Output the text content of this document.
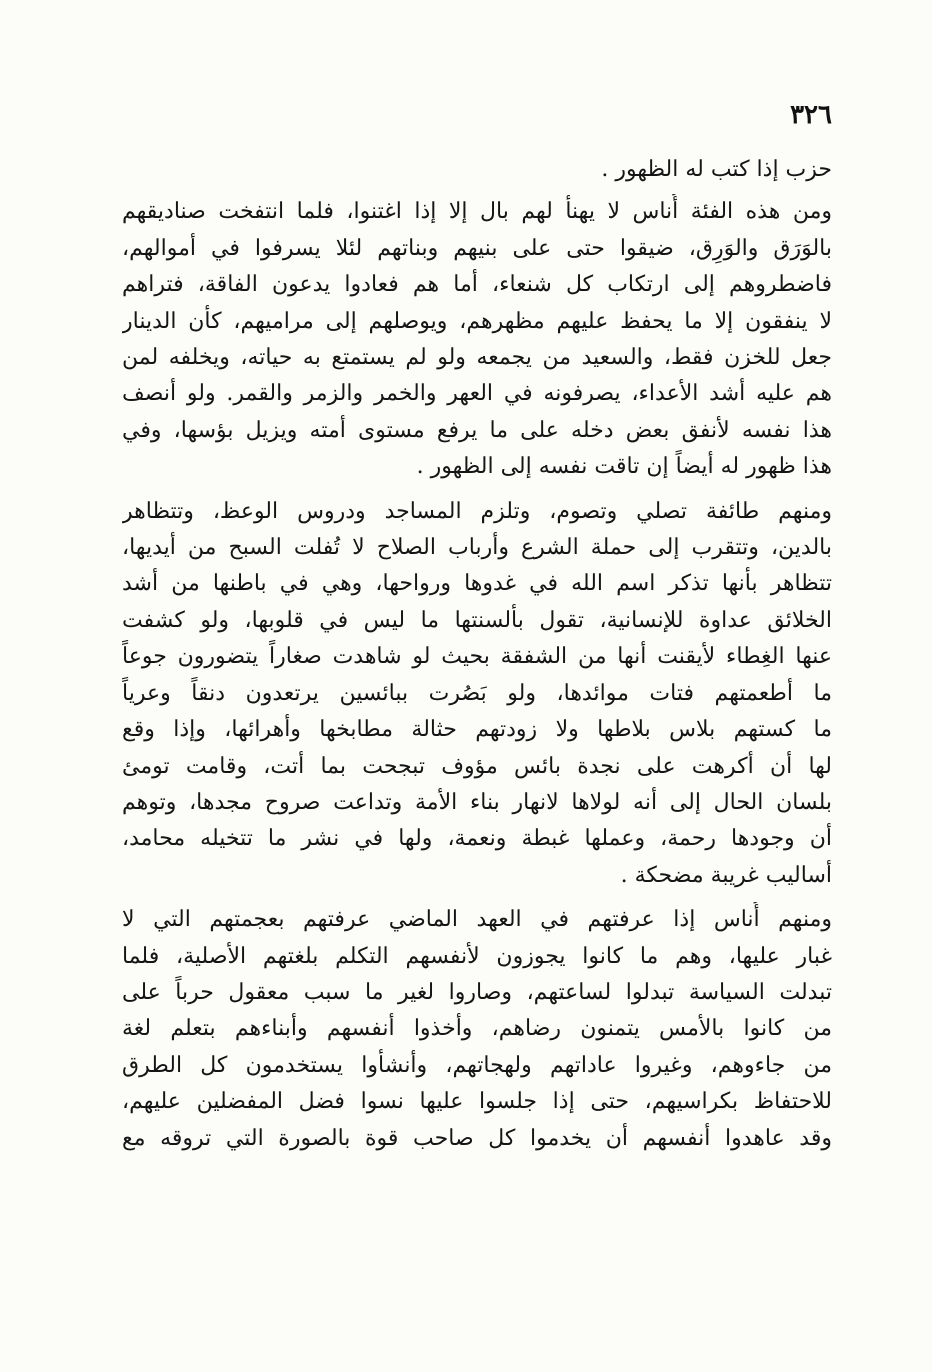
٣٢٦
حزب إذا كتب له الظهور .
ومن هذه الفئة أُناس لا يهنأ لهم بال إلا إذا اغتنوا، فلما انتفخت صناديقهم
بالوَرَق والوَرِق، ضيقوا حتى على بنيهم وبناتهم لئلا يسرفوا في أموالهم،
فاضطروهم إلى ارتكاب كل شنعاء، أما هم فعادوا يدعون الفاقة، فتراهم
لا ينفقون إلا ما يحفظ عليهم مظهرهم، ويوصلهم إلى مراميهم، كأن الدينار
جعل للخزن فقط، والسعيد من يجمعه ولو لم يستمتع به حياته، ويخلفه لمن
هم عليه أشد الأعداء، يصرفونه في العهر والخمر والزمر والقمر. ولو أنصف
هذا نفسه لأنفق بعض دخله على ما يرفع مستوى أمته ويزيل بؤسها، وفي
هذا ظهور له أيضاً إن تاقت نفسه إلى الظهور .
ومنهم طائفة تصلي وتصوم، وتلزم المساجد ودروس الوعظ، وتتظاهر
بالدين، وتتقرب إلى حملة الشرع وأرباب الصلاح لا تُفلت السبح من أيديها،
تتظاهر بأنها تذكر اسم الله في غدوها ورواحها، وهي في باطنها من أشد
الخلائق عداوة للإنسانية، تقول بألسنتها ما ليس في قلوبها، ولو كشفت
عنها الغِطاء لأيقنت أنها من الشفقة بحيث لو شاهدت صغاراً يتضورون جوعاً
ما أطعمتهم فتات موائدها، ولو بَصُرت ببائسين يرتعدون دنقاً وعرياً
ما كستهم بلاس بلاطها ولا زودتهم حثالة مطابخها وأهرائها، وإذا وقع
لها أن أكرهت على نجدة بائس مؤوف تبجحت بما أتت، وقامت تومئ
بلسان الحال إلى أنه لولاها لانهار بناء الأمة وتداعت صروح مجدها، وتوهم
أن وجودها رحمة، وعملها غبطة ونعمة، ولها في نشر ما تتخيله محامد،
أساليب غريبة مضحكة .
ومنهم أُناس إذا عرفتهم في العهد الماضي عرفتهم بعجمتهم التي لا
غبار عليها، وهم ما كانوا يجوزون لأنفسهم التكلم بلغتهم الأصلية، فلما
تبدلت السياسة تبدلوا لساعتهم، وصاروا لغير ما سبب معقول حرباً على
من كانوا بالأمس يتمنون رضاهم، وأخذوا أنفسهم وأبناءهم بتعلم لغة
من جاءوهم، وغيروا عاداتهم ولهجاتهم، وأنشأوا يستخدمون كل الطرق
للاحتفاظ بكراسيهم، حتى إذا جلسوا عليها نسوا فضل المفضلين عليهم،
وقد عاهدوا أنفسهم أن يخدموا كل صاحب قوة بالصورة التي تروقه مع
